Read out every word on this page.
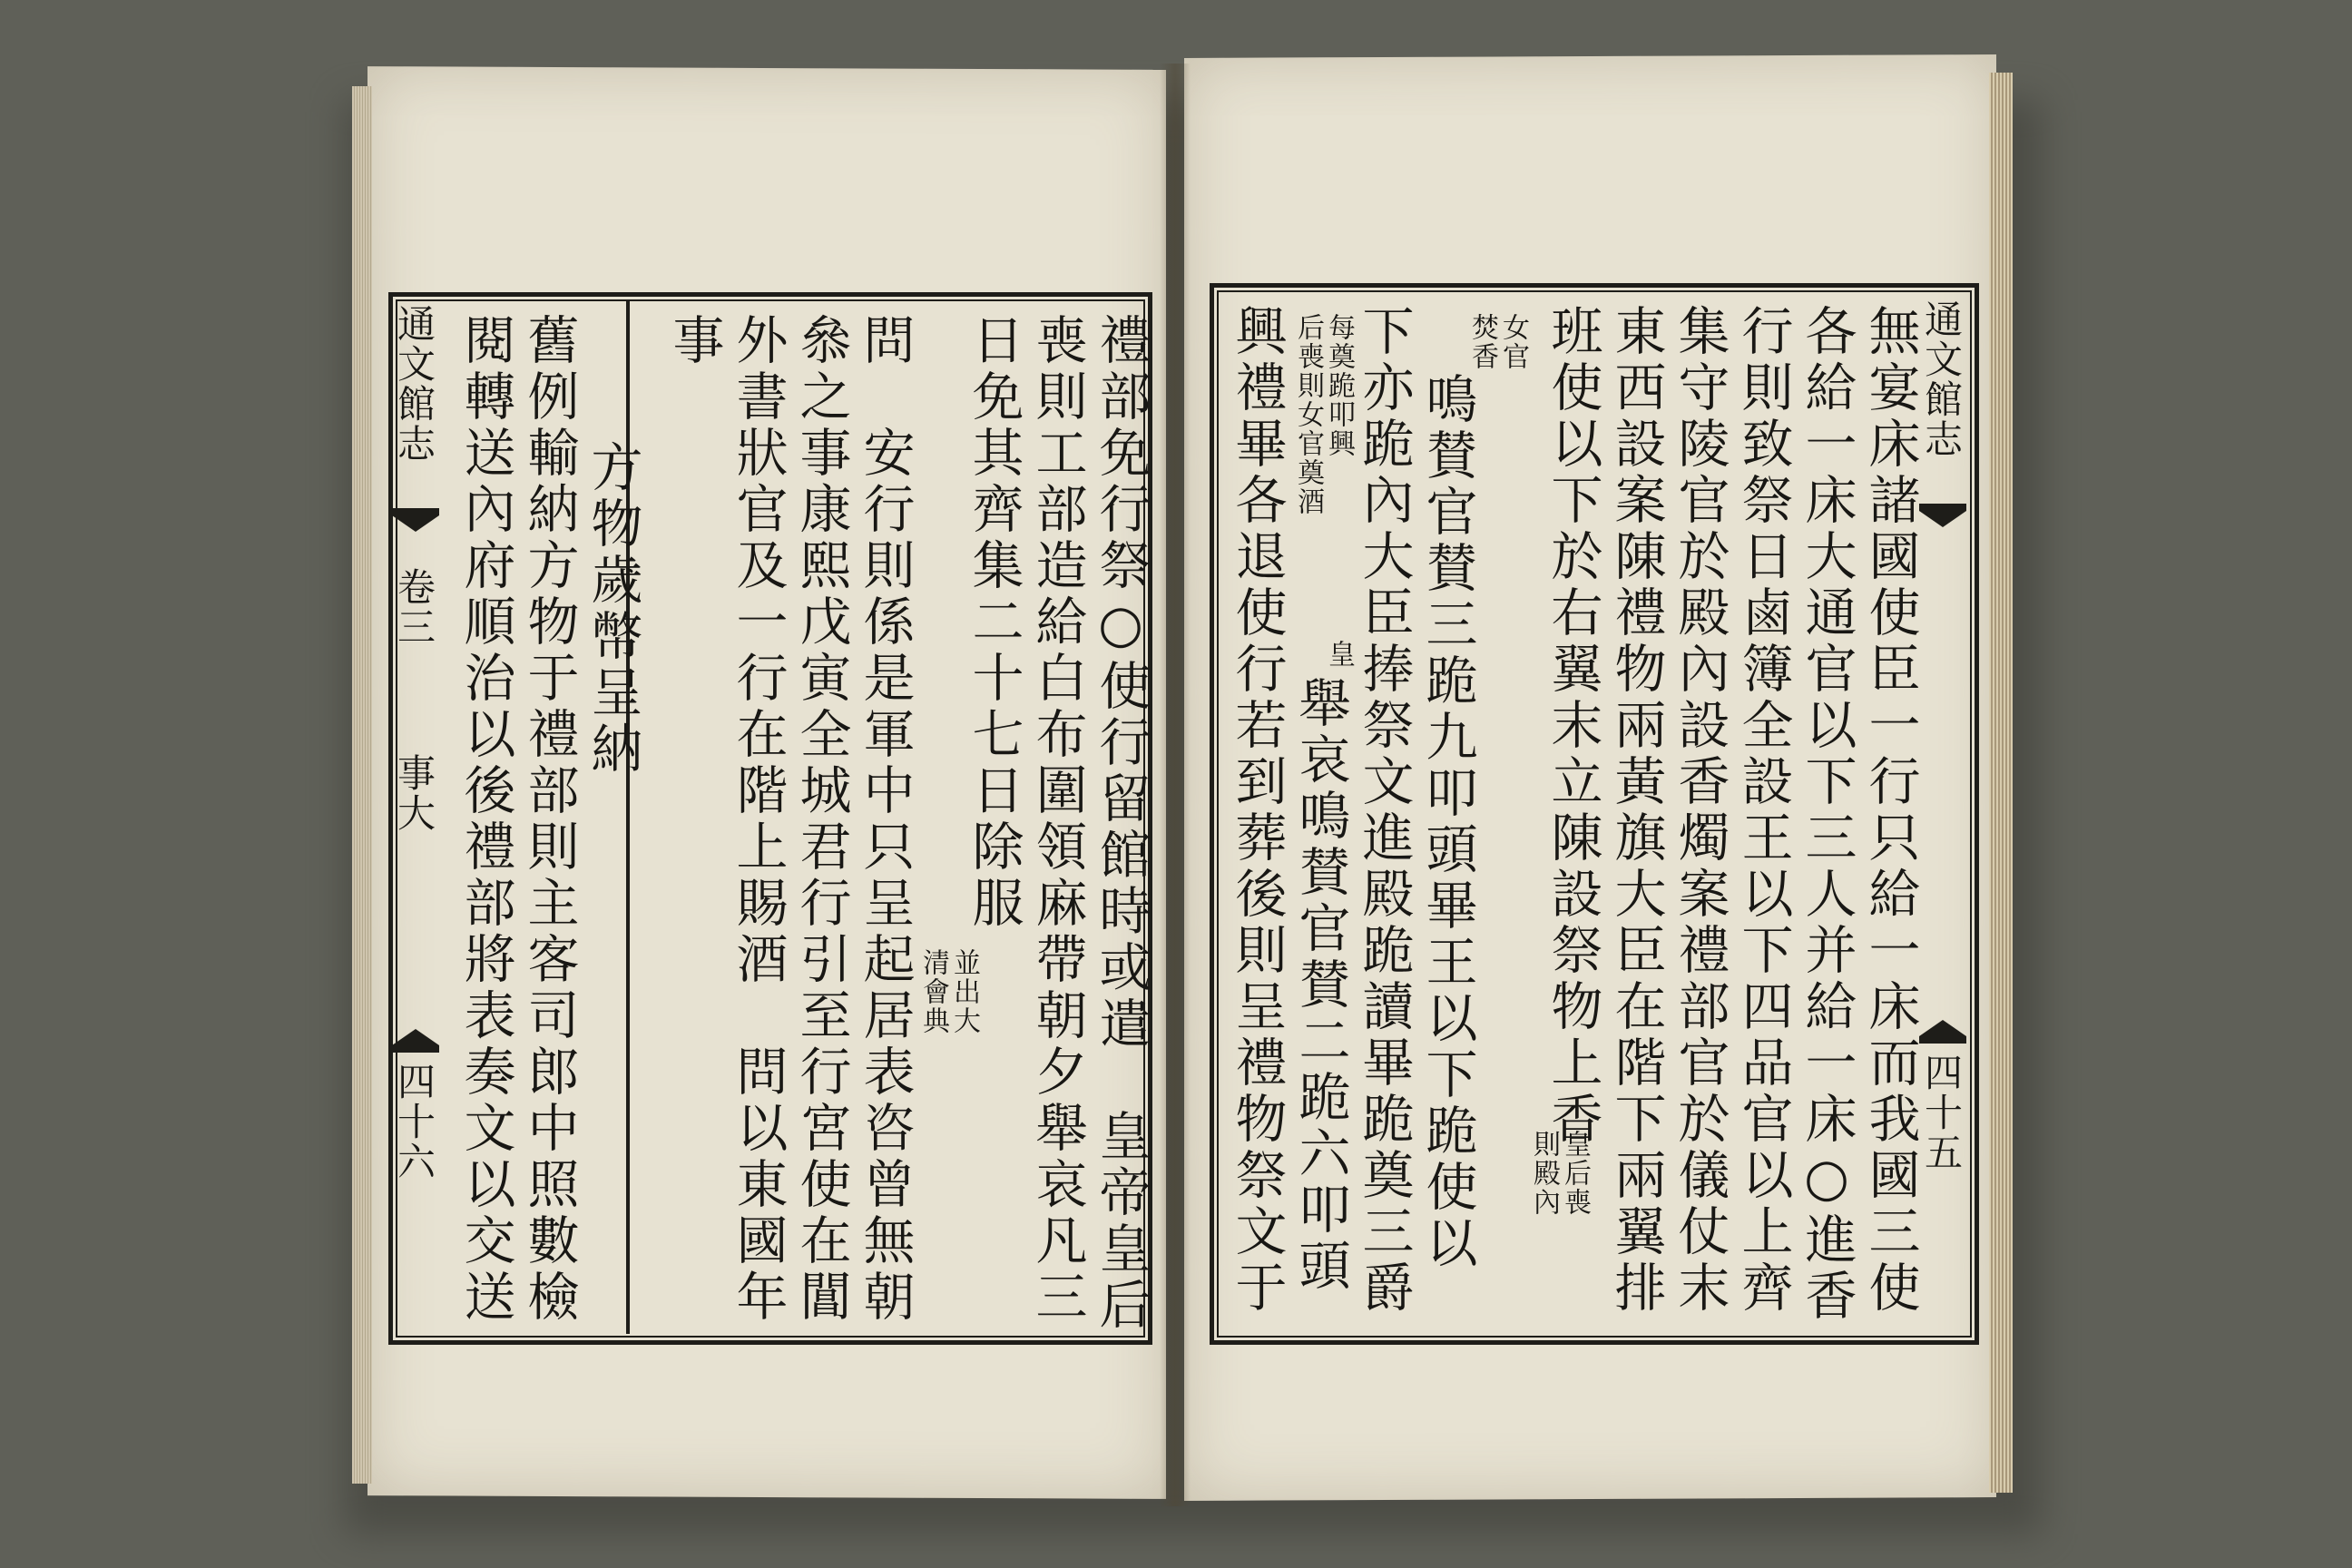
通文館志
卷三
事大
四十六	禮部免行祭○使行留館時或遣　皇帝皇后
喪則工部造給白布圍領麻帶朝夕舉哀凡三
日免其齊集二十七日除服
並出大
清會典
問　安行則係是軍中只呈起居表咨曾無朝
叅之事康熙戊寅全城君行引至行宮使在閶
外書狀官及一行在階上賜酒　問以東國年
事
方物歲幣呈納
舊例輸納方物于禮部則主客司郎中照數檢
閱轉送內府順治以後禮部將表奏文以交送	通文館志
四十五
無宴床諸國使臣一行只給一床而我國三使
各給一床大通官以下三人并給一床○進香
行則致祭日鹵簿全設王以下四品官以上齊
集守陵官於殿內設香燭案禮部官於儀仗末
東西設案陳禮物兩黃旗大臣在階下兩翼排
班使以下於右翼末立陳設祭物上香
皇后喪
則殿內
女官
焚香
鳴賛官賛三跪九叩頭畢王以下跪使以
下亦跪內大臣捧祭文進殿跪讀畢跪奠三爵
每奠跪叩興
后喪則女官奠酒
皇
舉哀鳴賛官賛二跪六叩頭
興禮畢各退使行若到葬後則呈禮物祭文于
